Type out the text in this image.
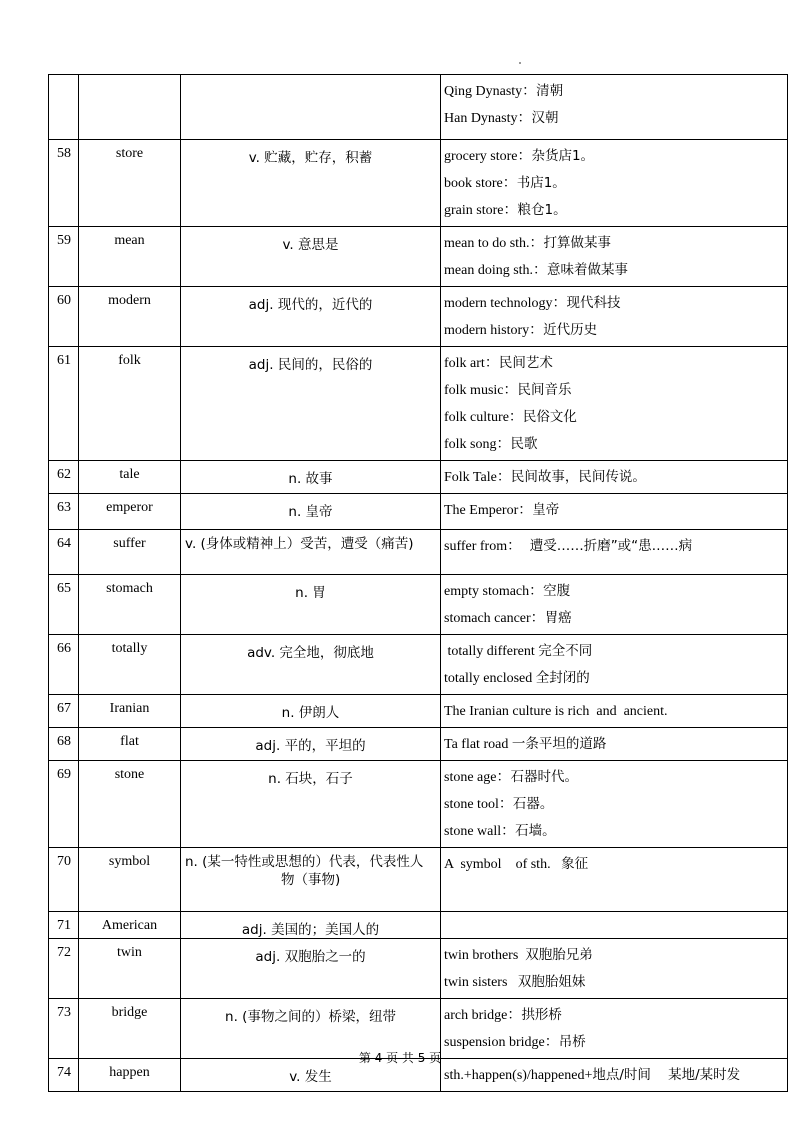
			Qing Dynasty：清朝
Han Dynasty：汉朝

58	store	v. 贮藏，贮存，积蓄	grocery store：杂货店1。
book store：书店1。
grain store：粮仓1。

59	mean	v. 意思是	mean to do sth.：打算做某事
mean doing sth.：意味着做某事

60	modern	adj. 现代的，近代的	modern technology：现代科技
modern history：近代历史

61	folk	adj. 民间的，民俗的	folk art：民间艺术
folk music：民间音乐
folk culture：民俗文化
folk song：民歌

62	tale	n. 故事	Folk Tale：民间故事，民间传说。

63	emperor	n. 皇帝	The Emperor：皇帝

64	suffer	v. (身体或精神上）受苦，遭受（痛苦)	suffer from：  遭受……折磨”或“患……病

65	stomach	n. 胃	empty stomach：空腹
stomach cancer：胃癌

66	totally	adv. 完全地，彻底地	totally different 完全不同
totally enclosed 全封闭的

67	Iranian	n. 伊朗人	The Iranian culture is rich  and  ancient.

68	flat	adj. 平的，平坦的	Ta flat road 一条平坦的道路

69	stone	n. 石块，石子	stone age：石器时代。
stone tool：石器。
stone wall：石墙。

70	symbol	n. (某一特性或思想的）代表，代表性人
物（事物)	A  symbol    of sth.   象征

71	American	adj. 美国的；美国人的	
72	twin	adj. 双胞胎之一的	twin brothers  双胞胎兄弟
twin sisters   双胞胎姐妹

73	bridge	n. (事物之间的）桥梁，纽带	arch bridge：拱形桥
suspension bridge：吊桥

74	happen	v. 发生	sth.+happen(s)/happened+地点/时间    某地/某时发
第 4 页 共 5 页
